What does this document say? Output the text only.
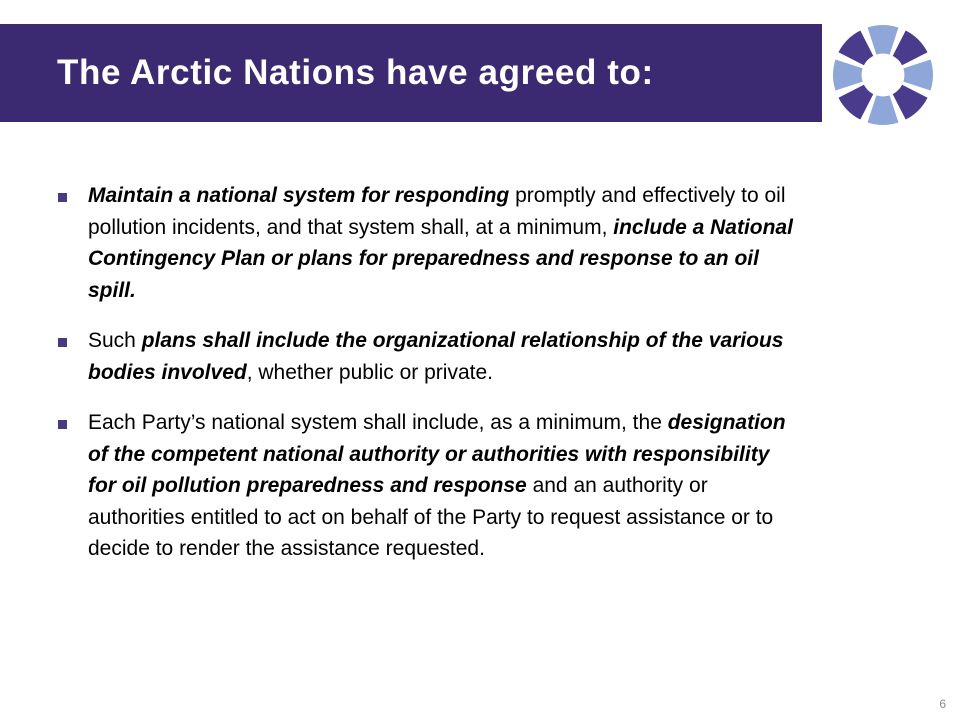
The Arctic Nations have agreed to:
Maintain a national system for responding promptly and effectively to oil pollution incidents, and that system shall, at a minimum, include a National Contingency Plan or plans for preparedness and response to an oil spill.
Such plans shall include the organizational relationship of the various bodies involved, whether public or private.
Each Party’s national system shall include, as a minimum, the designation of the competent national authority or authorities with responsibility for oil pollution preparedness and response and an authority or authorities entitled to act on behalf of the Party to request assistance or to decide to render the assistance requested.
6
